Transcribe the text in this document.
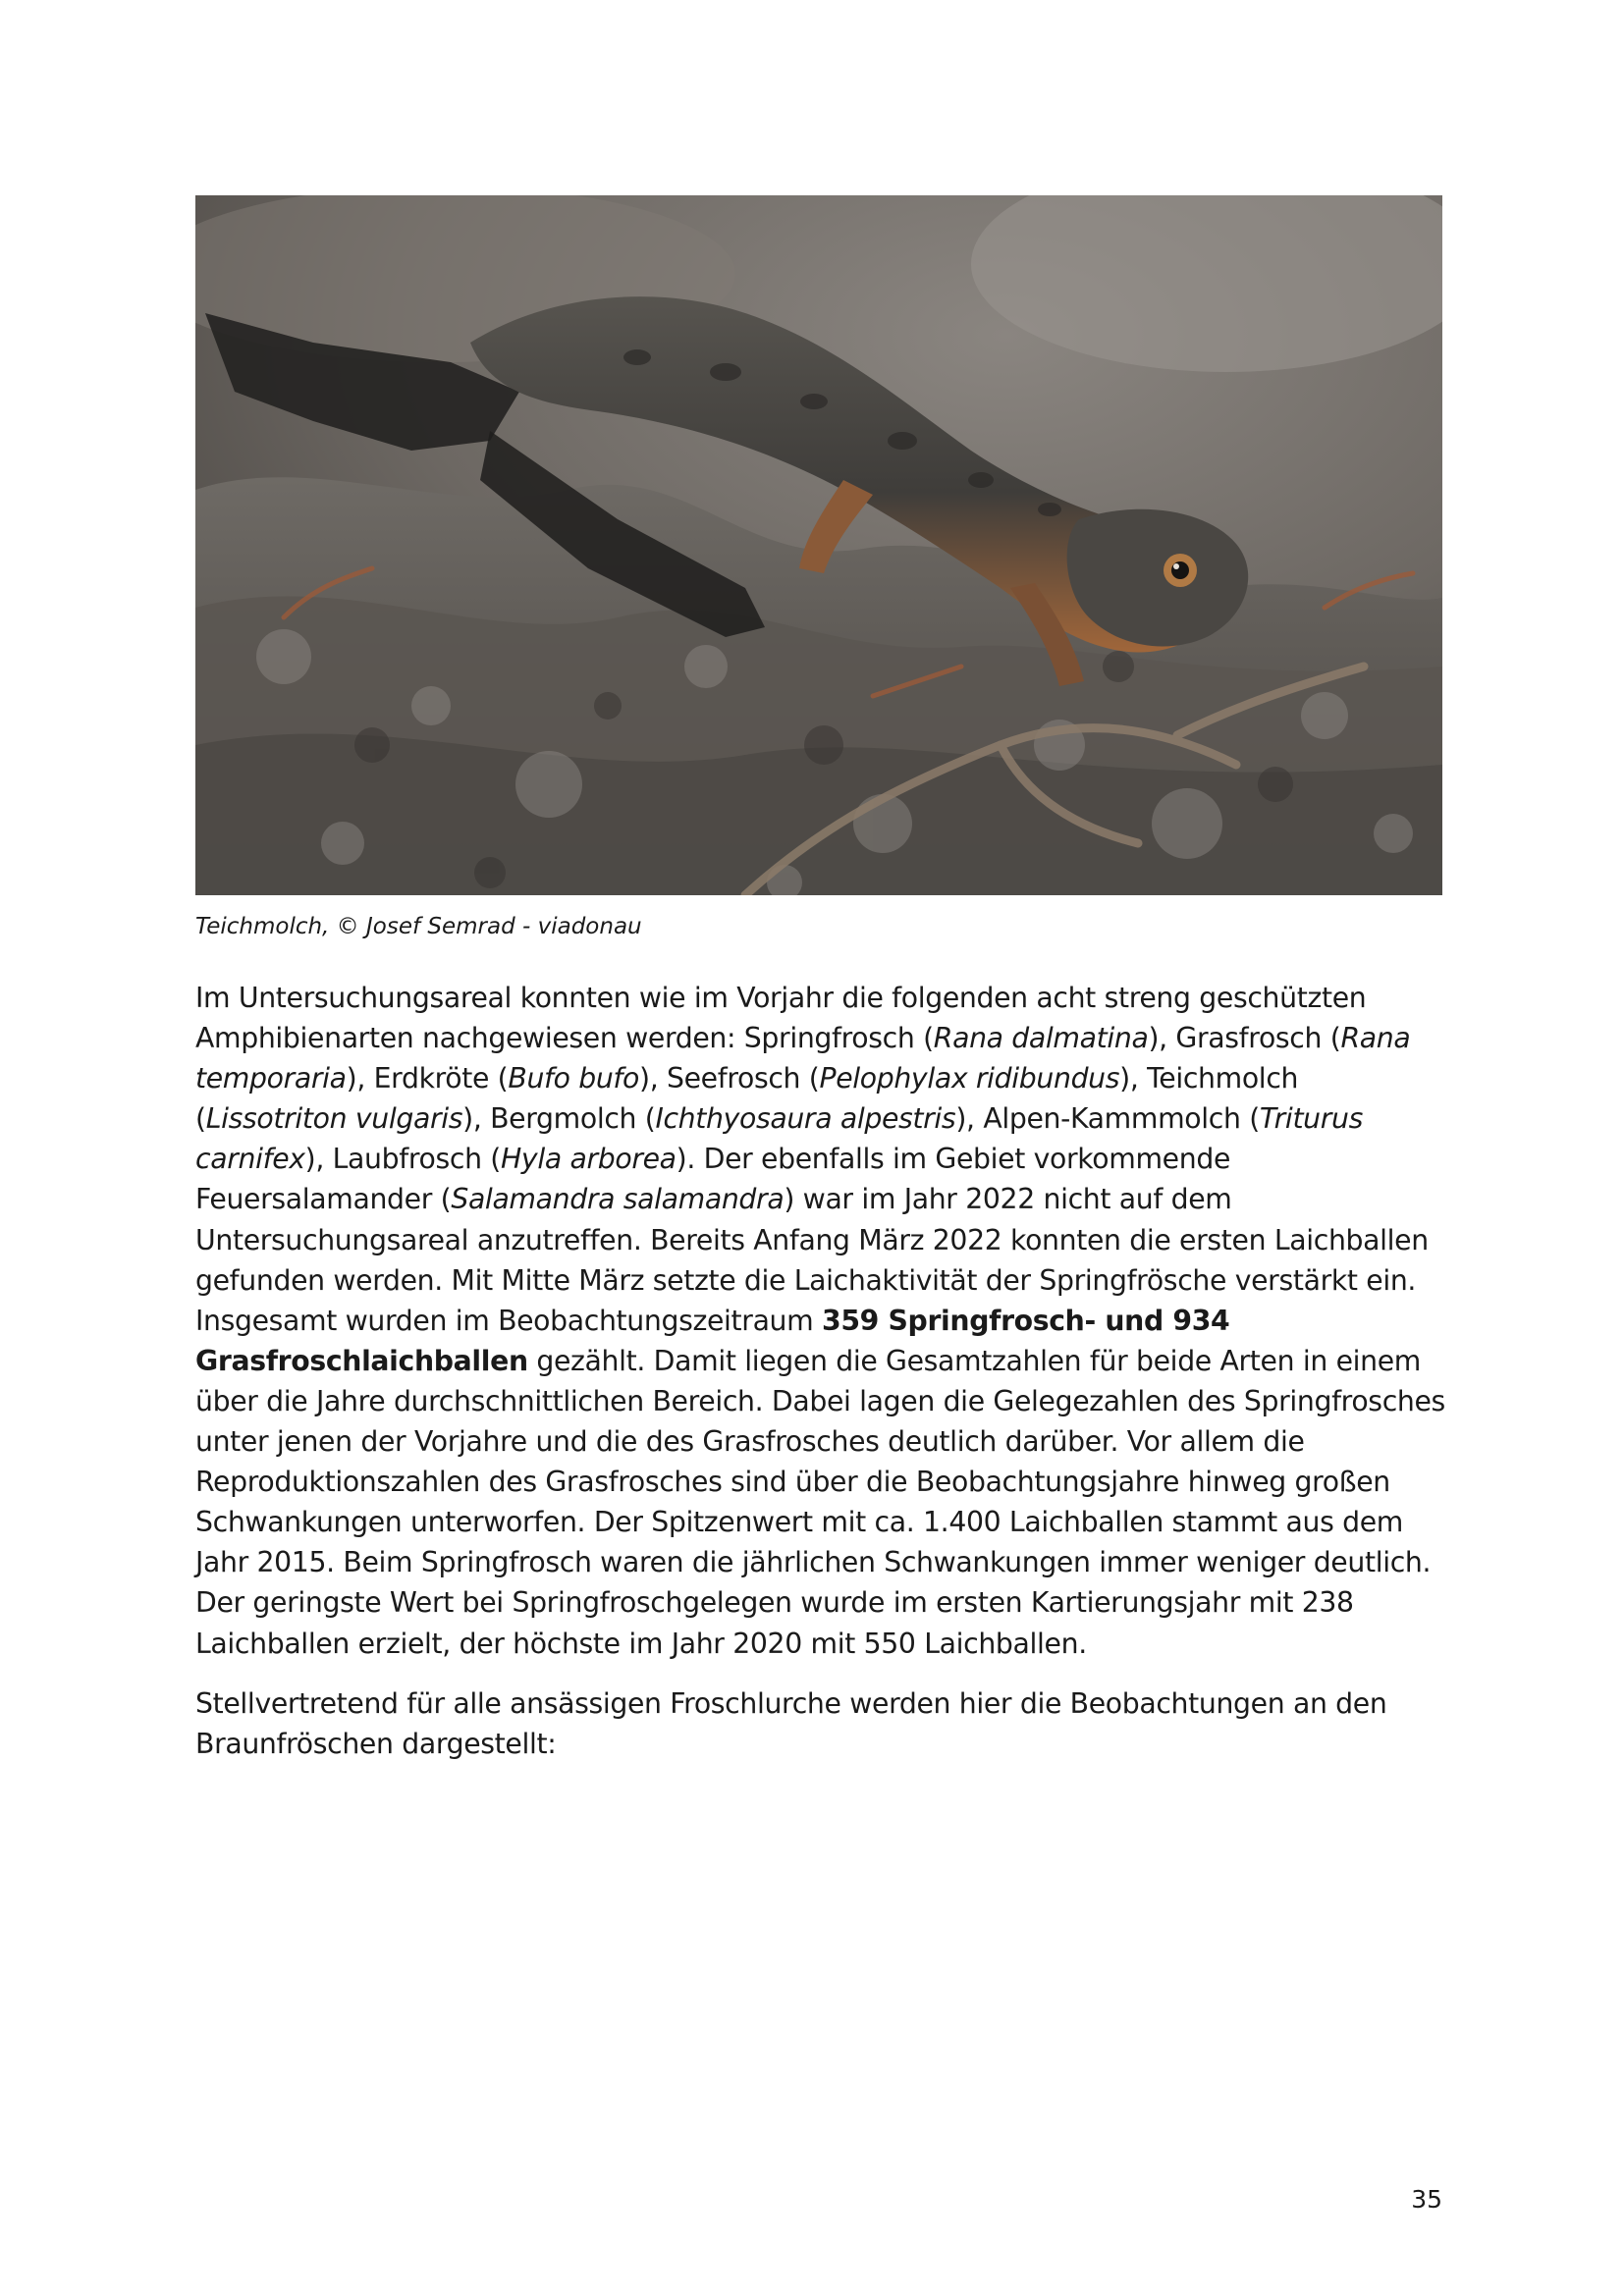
Teichmolch, © Josef Semrad - viadonau

Im Untersuchungsareal konnten wie im Vorjahr die folgenden acht streng geschützten Amphibienarten nachgewiesen werden: Springfrosch (Rana dalmatina), Grasfrosch (Rana temporaria), Erdkröte (Bufo bufo), Seefrosch (Pelophylax ridibundus), Teichmolch (Lissotriton vulgaris), Bergmolch (Ichthyosaura alpestris), Alpen-Kammmolch (Triturus carnifex), Laubfrosch (Hyla arborea). Der ebenfalls im Gebiet vorkommende Feuersalamander (Salamandra salamandra) war im Jahr 2022 nicht auf dem Untersuchungsareal anzutreffen. Bereits Anfang März 2022 konnten die ersten Laichballen gefunden werden. Mit Mitte März setzte die Laichaktivität der Springfrösche verstärkt ein. Insgesamt wurden im Beobachtungszeitraum 359 Springfrosch- und 934 Grasfroschlaichballen gezählt. Damit liegen die Gesamtzahlen für beide Arten in einem über die Jahre durchschnittlichen Bereich. Dabei lagen die Gelegezahlen des Springfrosches unter jenen der Vorjahre und die des Grasfrosches deutlich darüber. Vor allem die Reproduktionszahlen des Grasfrosches sind über die Beobachtungsjahre hinweg großen Schwankungen unterworfen. Der Spitzenwert mit ca. 1.400 Laichballen stammt aus dem Jahr 2015. Beim Springfrosch waren die jährlichen Schwankungen immer weniger deutlich. Der geringste Wert bei Springfroschgelegen wurde im ersten Kartierungsjahr mit 238 Laichballen erzielt, der höchste im Jahr 2020 mit 550 Laichballen.

Stellvertretend für alle ansässigen Froschlurche werden hier die Beobachtungen an den Braunfröschen dargestellt:

35
